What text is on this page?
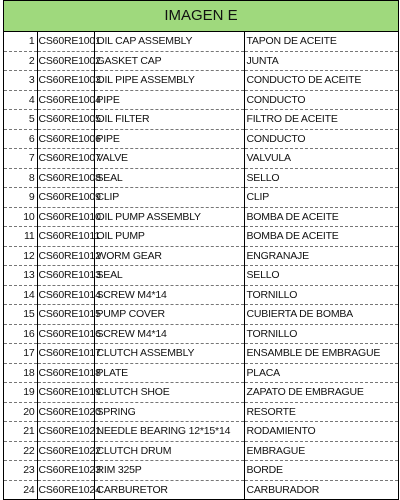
IMAGEN E
1	CS60RE1001	OIL CAP ASSEMBLY	TAPON DE ACEITE
2	CS60RE1002	GASKET CAP	JUNTA
3	CS60RE1003	OIL PIPE ASSEMBLY	CONDUCTO DE ACEITE
4	CS60RE1004	PIPE	CONDUCTO
5	CS60RE1005	OIL FILTER	FILTRO DE ACEITE
6	CS60RE1006	PIPE	CONDUCTO
7	CS60RE1007	VALVE	VALVULA
8	CS60RE1008	SEAL	SELLO
9	CS60RE1009	CLIP	CLIP
10	CS60RE1010	OIL PUMP ASSEMBLY	BOMBA DE ACEITE
11	CS60RE1011	OIL PUMP	BOMBA DE ACEITE
12	CS60RE1012	WORM GEAR	ENGRANAJE
13	CS60RE1013	SEAL	SELLO
14	CS60RE1014	SCREW M4*14	TORNILLO
15	CS60RE1015	PUMP COVER	CUBIERTA DE BOMBA
16	CS60RE1016	SCREW M4*14	TORNILLO
17	CS60RE1017	CLUTCH ASSEMBLY	ENSAMBLE DE EMBRAGUE
18	CS60RE1018	PLATE	PLACA
19	CS60RE1019	CLUTCH SHOE	ZAPATO DE EMBRAGUE
20	CS60RE1020	SPRING	RESORTE
21	CS60RE1021	NEEDLE BEARING 12*15*14	RODAMIENTO
22	CS60RE1022	CLUTCH DRUM	EMBRAGUE
23	CS60RE1023	RIM 325P	BORDE
24	CS60RE1024	CARBURETOR	CARBURADOR
